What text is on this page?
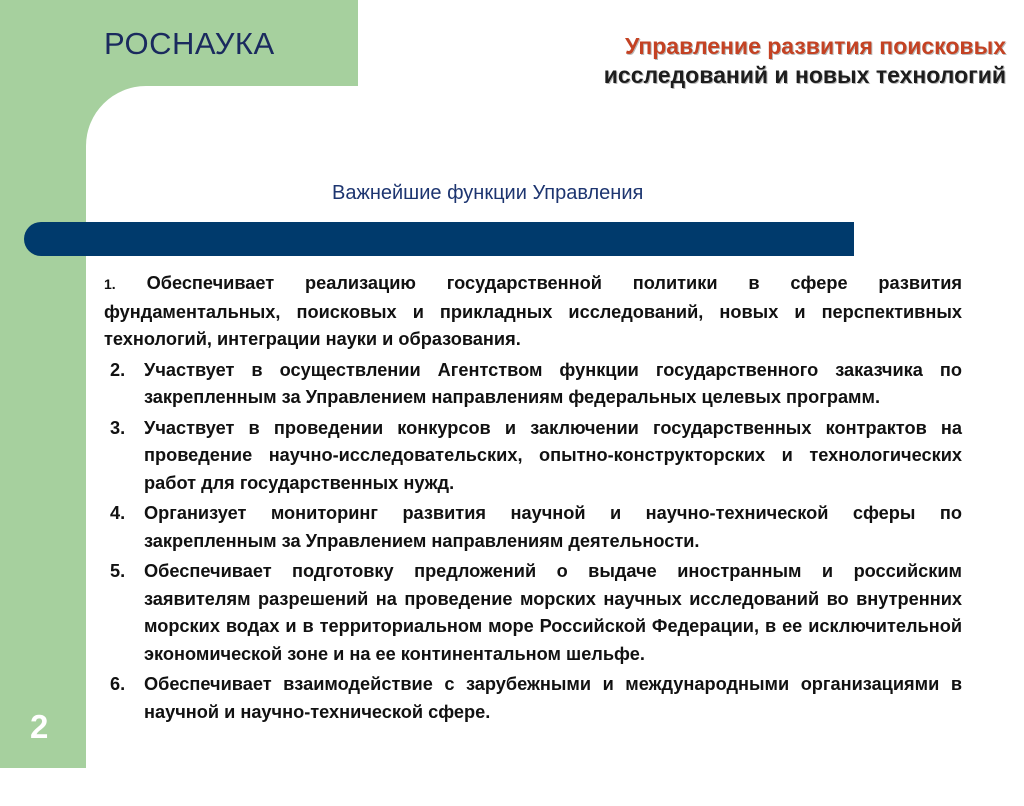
РОСНАУКА	Управление развития поисковых
исследований и новых технологий
Важнейшие функции Управления
1. Обеспечивает реализацию государственной политики в сфере развития фундаментальных, поисковых и прикладных исследований, новых и перспективных технологий, интеграции науки и образования.
2.	Участвует в осуществлении Агентством функции государственного заказчика по закрепленным за Управлением направлениям федеральных целевых программ.
3.	Участвует в проведении конкурсов и заключении государственных контрактов на проведение научно-исследовательских, опытно-конструкторских и технологических работ для государственных нужд.
4.	Организует мониторинг развития научной и научно-технической сферы по закрепленным за Управлением направлениям деятельности.
5.	Обеспечивает подготовку предложений о выдаче иностранным и российским заявителям разрешений на проведение морских научных исследований во внутренних морских водах и в территориальном море Российской Федерации, в ее исключительной экономической зоне и на ее континентальном шельфе.
6.	Обеспечивает взаимодействие с зарубежными и международными организациями в научной и научно-технической сфере.
2
